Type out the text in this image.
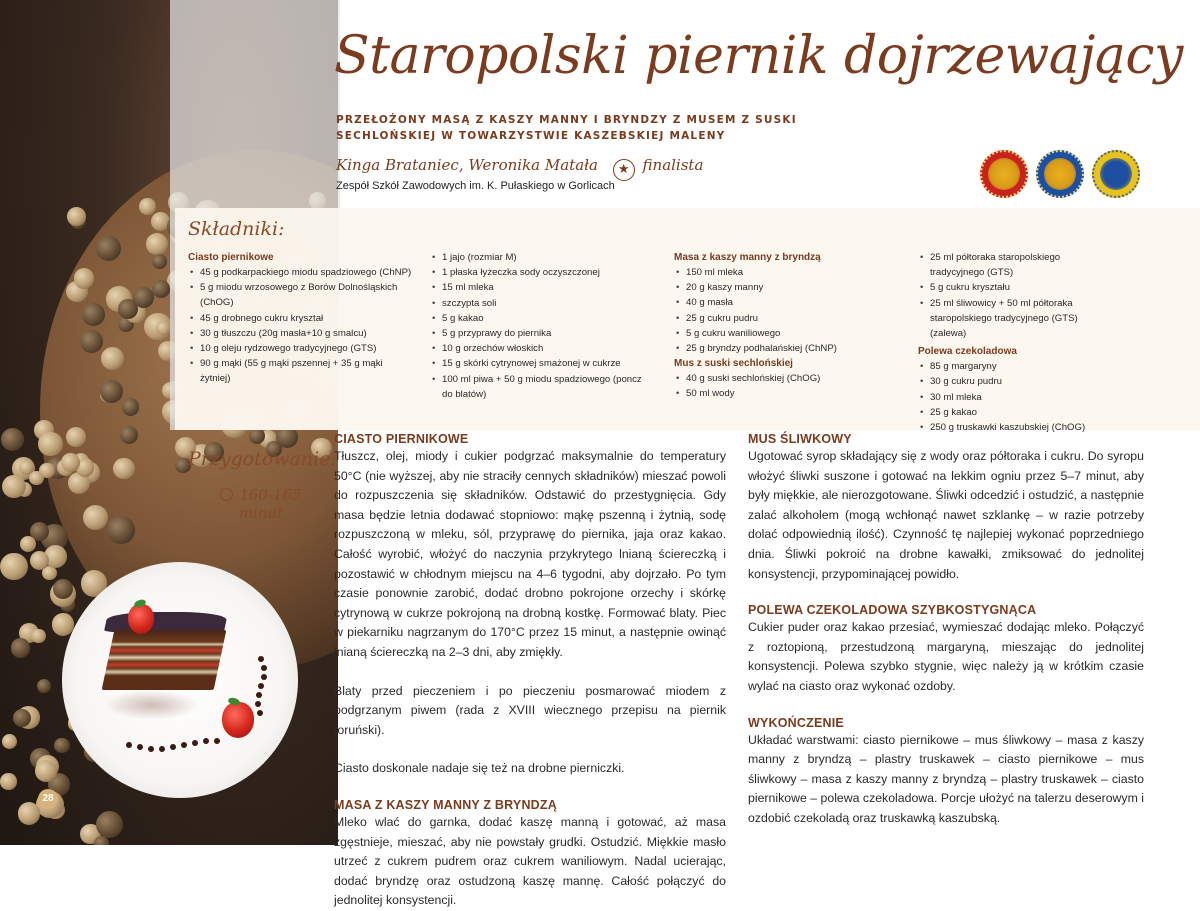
Staropolski piernik dojrzewający
PRZEŁOŻONY MASĄ Z KASZY MANNY I BRYNDZY Z MUSEM Z SUSKI SECHLOŃSKIEJ W TOWARZYSTWIE KASZEBSKIEJ MALENY
Kinga Brataniec, Weronika Matała ★ finalista
Zespół Szkół Zawodowych im. K. Pułaskiego w Gorlicach
Składniki:
Ciasto piernikowe
• 45 g podkarpackiego miodu spadziowego (ChNP)
• 5 g miodu wrzosowego z Borów Dolnośląskich (ChOG)
• 45 g drobnego cukru kryształ
• 30 g tłuszczu (20g masła+10 g smalcu)
• 10 g oleju rydzowego tradycyjnego (GTS)
• 90 g mąki (55 g mąki pszennej + 35 g mąki żytniej)
• 1 jajo (rozmiar M)
• 1 płaska łyżeczka sody oczyszczonej
• 15 ml mleka
• szczypta soli
• 5 g kakao
• 5 g przyprawy do piernika
• 10 g orzechów włoskich
• 15 g skórki cytrynowej smażonej w cukrze
• 100 ml piwa + 50 g miodu spadziowego (poncz do blatów)
Masa z kaszy manny z bryndzą
• 150 ml mleka
• 20 g kaszy manny
• 40 g masła
• 25 g cukru pudru
• 5 g cukru waniliowego
• 25 g bryndzy podhalańskiej (ChNP)
Mus z suski sechlońskiej
• 40 g suski sechlońskiej (ChOG)
• 50 ml wody
• 25 ml półtoraka staropolskiego tradycyjnego (GTS)
• 5 g cukru kryształu
• 25 ml śliwowicy + 50 ml półtoraka staropolskiego tradycyjnego (GTS) (zalewa)
Polewa czekoladowa
• 85 g margaryny
• 30 g cukru pudru
• 30 ml mleka
• 25 g kakao
• 250 g truskawki kaszubskiej (ChOG)
Przygotowanie:
160-165
minut
CIASTO PIERNIKOWE

Tłuszcz, olej, miody i cukier podgrzać maksymalnie do temperatury 50°C (nie wyższej, aby nie straciły cennych składników) mieszać powoli do rozpuszczenia się składników. Odstawić do przestygnięcia. Gdy masa będzie letnia dodawać stopniowo: mąkę pszenną i żytnią, sodę rozpuszczoną w mleku, sól, przyprawę do piernika, jaja oraz kakao. Całość wyrobić, włożyć do naczynia przykrytego lnianą ściereczką i pozostawić w chłodnym miejscu na 4–6 tygodni, aby dojrzało. Po tym czasie ponownie zarobić, dodać drobno pokrojone orzechy i skórkę cytrynową w cukrze pokrojoną na drobną kostkę. Formować blaty. Piec w piekarniku nagrzanym do 170°C przez 15 minut, a następnie owinąć lnianą ściereczką na 2–3 dni, aby zmiękły.

Blaty przed pieczeniem i po pieczeniu posmarować miodem z podgrzanym piwem (rada z XVIII wiecznego przepisu na piernik toruński).

Ciasto doskonale nadaje się też na drobne pierniczki.

MASA Z KASZY MANNY Z BRYNDZĄ

Mleko wlać do garnka, dodać kaszę manną i gotować, aż masa zgęstnieje, mieszać, aby nie powstały grudki. Ostudzić. Miękkie masło utrzeć z cukrem pudrem oraz cukrem waniliowym. Nadal ucierając, dodać bryndzę oraz ostudzoną kaszę mannę. Całość połączyć do jednolitej konsystencji.

MUS ŚLIWKOWY

Ugotować syrop składający się z wody oraz półtoraka i cukru. Do syropu włożyć śliwki suszone i gotować na lekkim ogniu przez 5–7 minut, aby były miękkie, ale nierozgotowane. Śliwki odcedzić i ostudzić, a następnie zalać alkoholem (mogą wchłonąć nawet szklankę – w razie potrzeby dolać odpowiednią ilość). Czynność tę najlepiej wykonać poprzedniego dnia. Śliwki pokroić na drobne kawałki, zmiksować do jednolitej konsystencji, przypominającej powidło.

POLEWA CZEKOLADOWA SZYBKOSTYGNĄCA

Cukier puder oraz kakao przesiać, wymieszać dodając mleko. Połączyć z roztopioną, przestudzoną margaryną, mieszając do jednolitej konsystencji. Polewa szybko stygnie, więc należy ją w krótkim czasie wylać na ciasto oraz wykonać ozdoby.

WYKOŃCZENIE

Układać warstwami: ciasto piernikowe – mus śliwkowy – masa z kaszy manny z bryndzą – plastry truskawek – ciasto piernikowe – mus śliwkowy – masa z kaszy manny z bryndzą – plastry truskawek – ciasto piernikowe – polewa czekoladowa. Porcje ułożyć na talerzu deserowym i ozdobić czekoladą oraz truskawką kaszubską.

28
